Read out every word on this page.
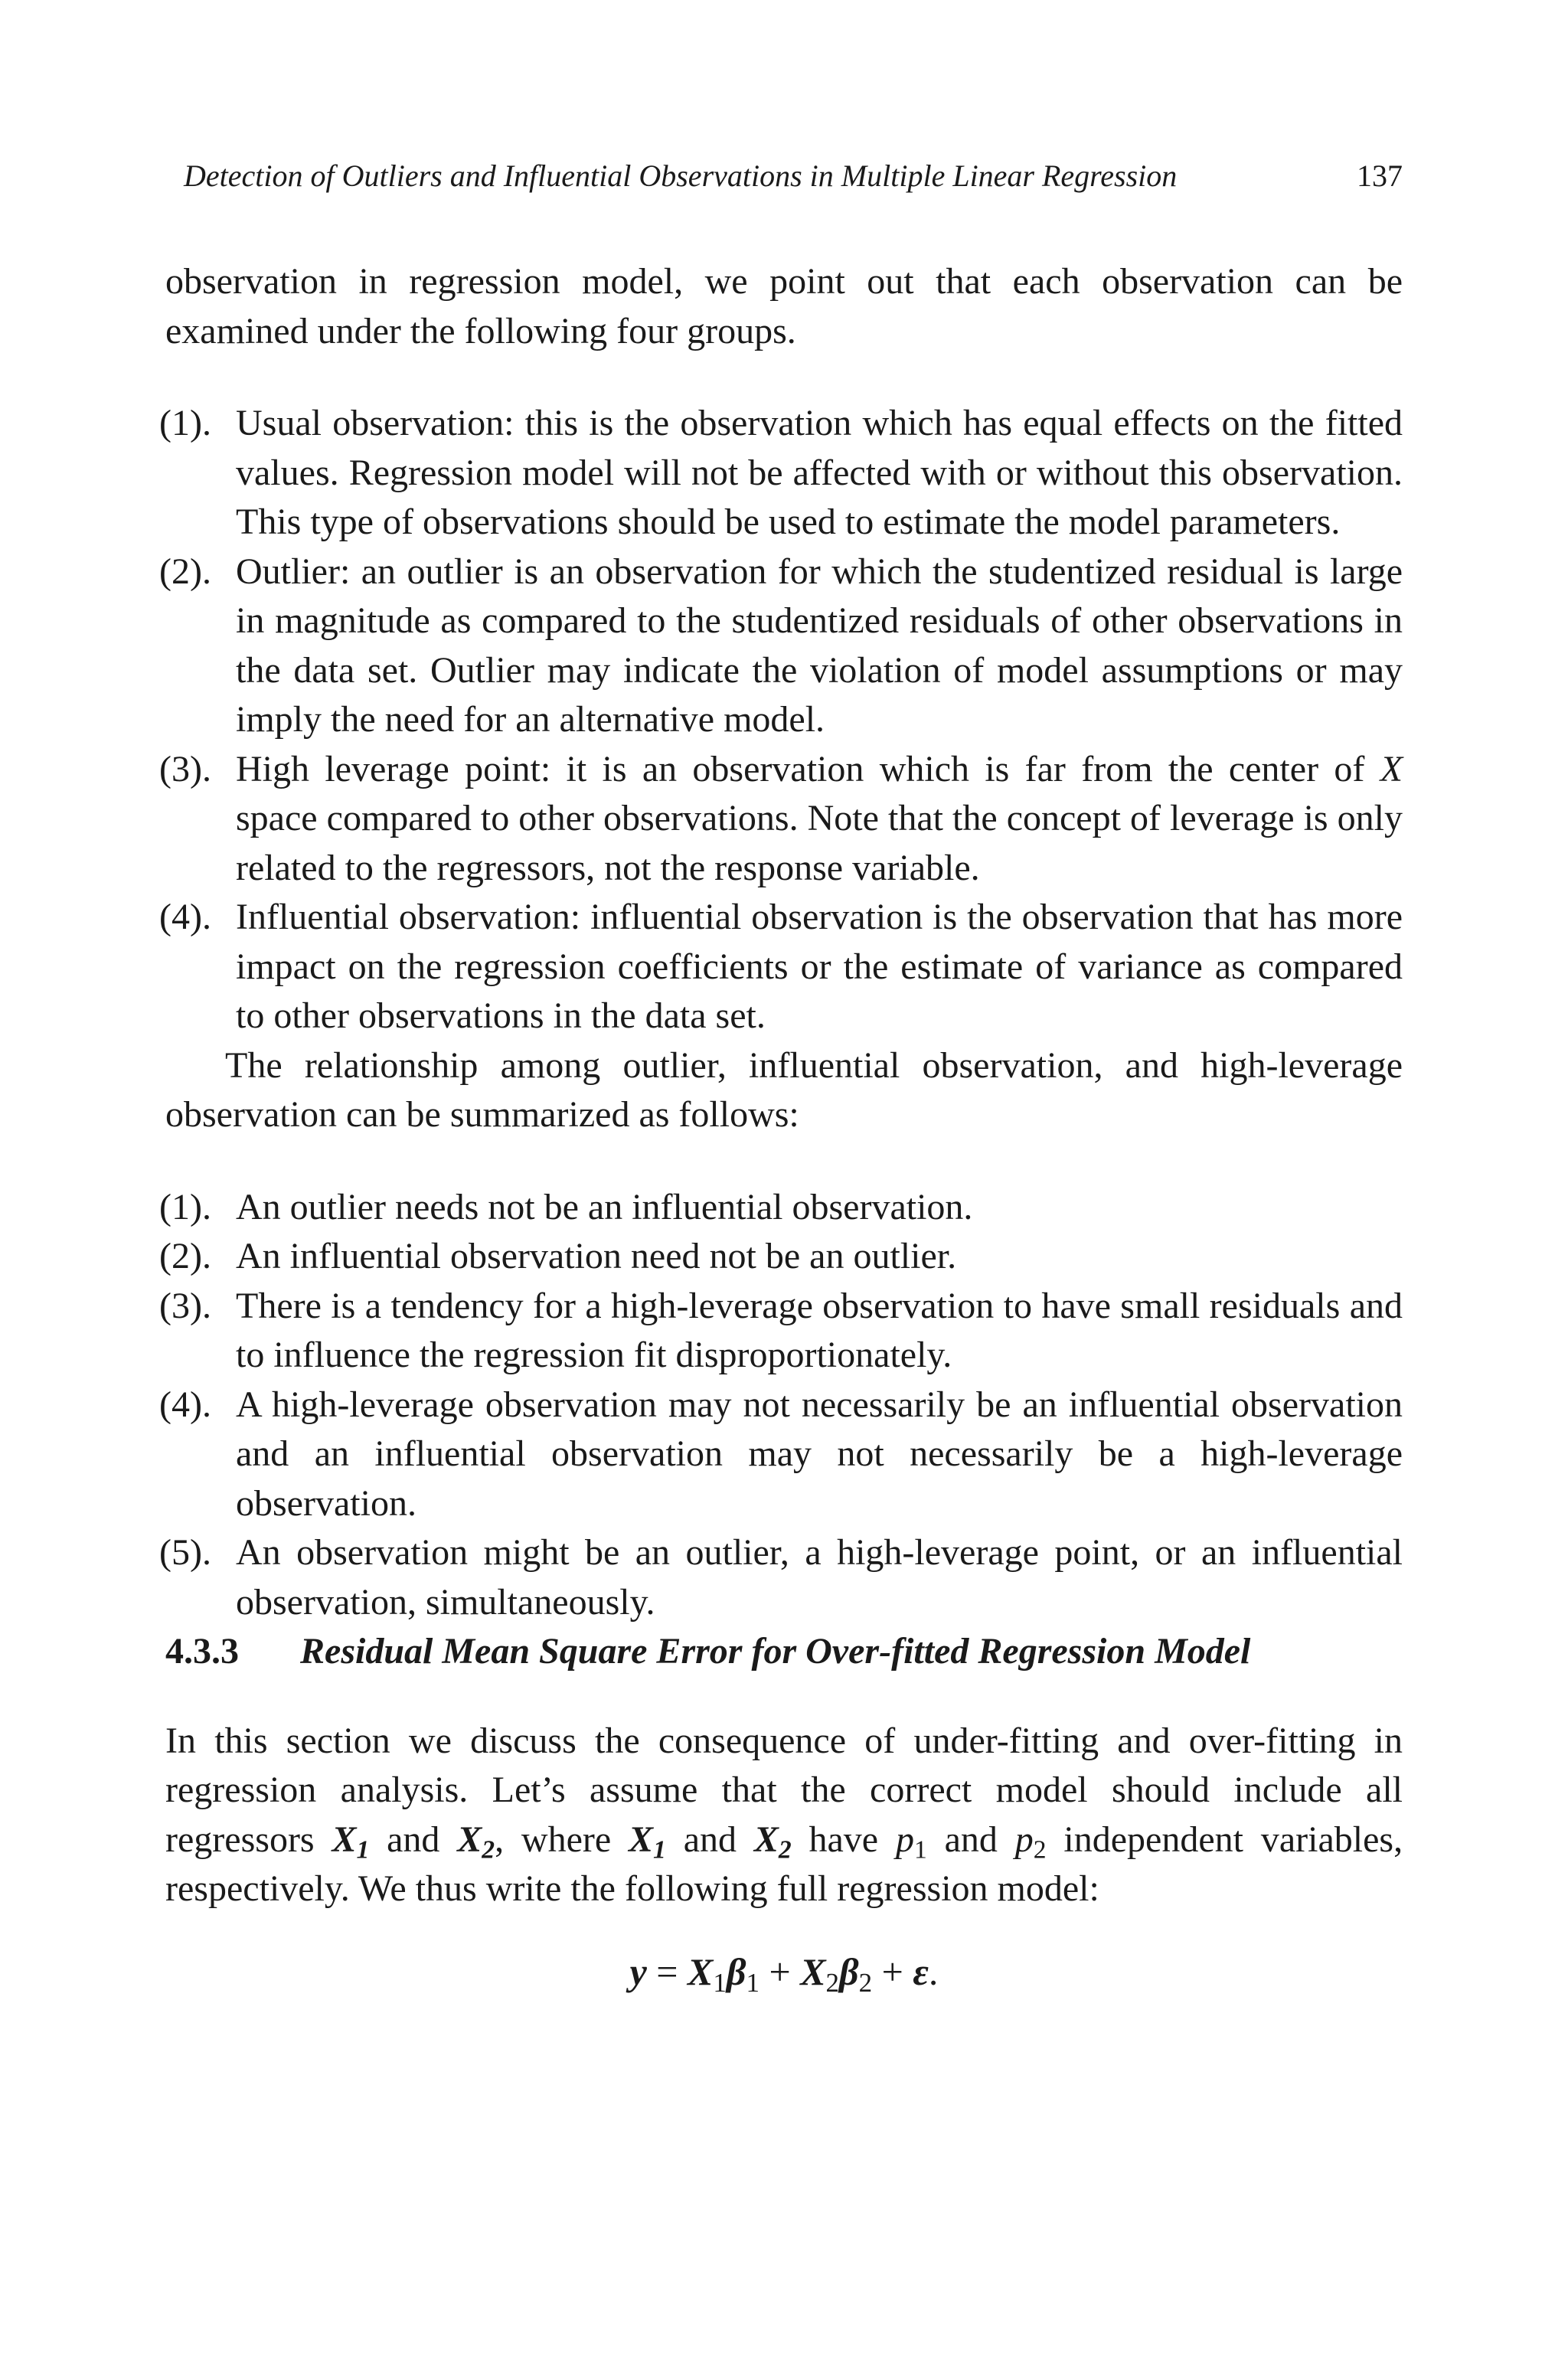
Detection of Outliers and Influential Observations in Multiple Linear Regression	137

observation in regression model, we point out that each observation can be examined under the following four groups.

(1). Usual observation: this is the observation which has equal effects on the fitted values. Regression model will not be affected with or without this observation. This type of observations should be used to estimate the model parameters.
(2). Outlier: an outlier is an observation for which the studentized residual is large in magnitude as compared to the studentized residuals of other observations in the data set. Outlier may indicate the violation of model assumptions or may imply the need for an alternative model.
(3). High leverage point: it is an observation which is far from the center of X space compared to other observations. Note that the concept of leverage is only related to the regressors, not the response variable.
(4). Influential observation: influential observation is the observation that has more impact on the regression coefficients or the estimate of variance as compared to other observations in the data set.

The relationship among outlier, influential observation, and high-leverage observation can be summarized as follows:

(1). An outlier needs not be an influential observation.
(2). An influential observation need not be an outlier.
(3). There is a tendency for a high-leverage observation to have small residuals and to influence the regression fit disproportionately.
(4). A high-leverage observation may not necessarily be an influential observation and an influential observation may not necessarily be a high-leverage observation.
(5). An observation might be an outlier, a high-leverage point, or an influential observation, simultaneously.
4.3.3	Residual Mean Square Error for Over-fitted Regression Model

In this section we discuss the consequence of under-fitting and over-fitting in regression analysis. Let’s assume that the correct model should include all regressors $X_1$ and $X_2$, where $X_1$ and $X_2$ have $p_1$ and $p_2$ independent variables, respectively. We thus write the following full regression model:

$y = X_1\beta_1 + X_2\beta_2 + \varepsilon$.
